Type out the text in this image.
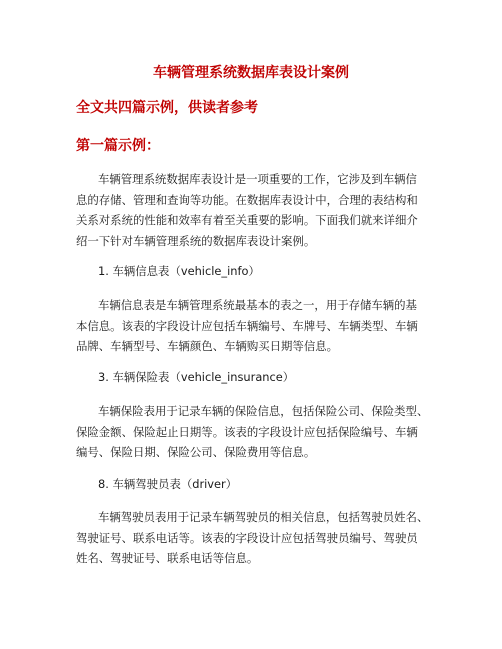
车辆管理系统数据库表设计案例
全文共四篇示例，供读者参考
第一篇示例：
车辆管理系统数据库表设计是一项重要的工作，它涉及到车辆信
息的存储、管理和查询等功能。在数据库表设计中，合理的表结构和
关系对系统的性能和效率有着至关重要的影响。下面我们就来详细介
绍一下针对车辆管理系统的数据库表设计案例。
1. 车辆信息表（vehicle_info）
车辆信息表是车辆管理系统最基本的表之一，用于存储车辆的基
本信息。该表的字段设计应包括车辆编号、车牌号、车辆类型、车辆
品牌、车辆型号、车辆颜色、车辆购买日期等信息。
3. 车辆保险表（vehicle_insurance）
车辆保险表用于记录车辆的保险信息，包括保险公司、保险类型、
保险金额、保险起止日期等。该表的字段设计应包括保险编号、车辆
编号、保险日期、保险公司、保险费用等信息。
8. 车辆驾驶员表（driver）
车辆驾驶员表用于记录车辆驾驶员的相关信息，包括驾驶员姓名、
驾驶证号、联系电话等。该表的字段设计应包括驾驶员编号、驾驶员
姓名、驾驶证号、联系电话等信息。
